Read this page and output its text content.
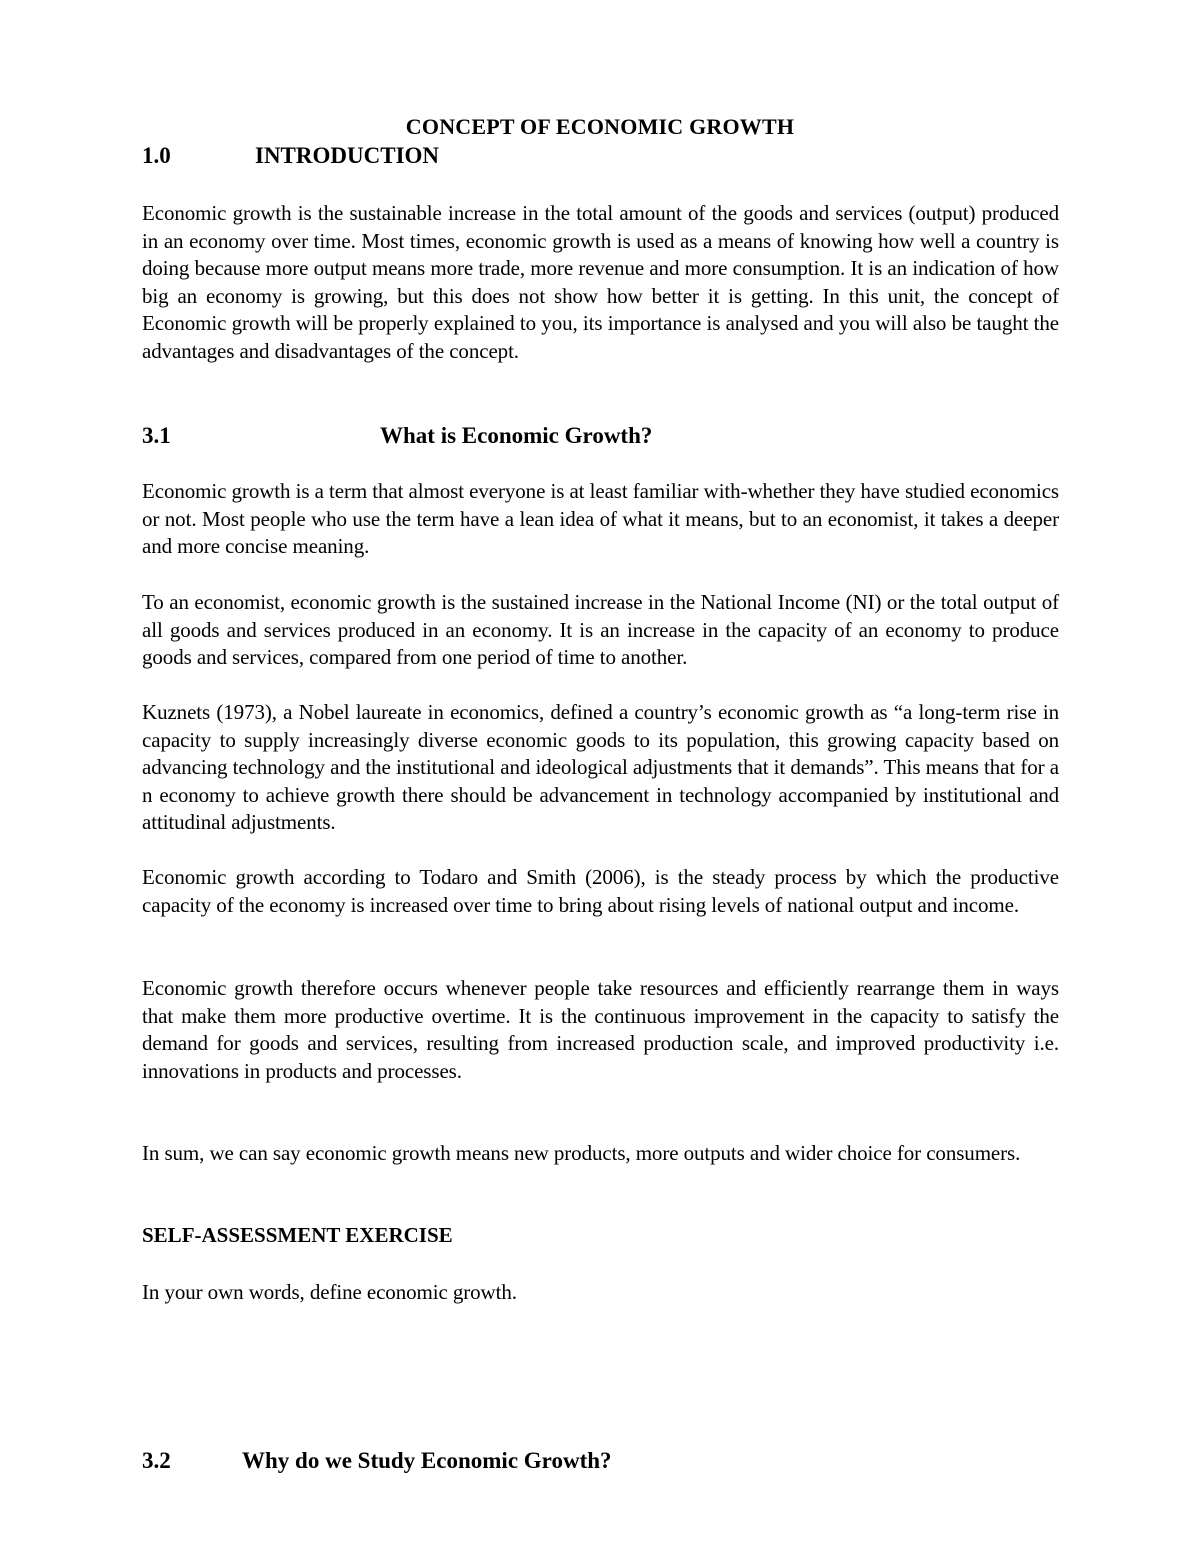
CONCEPT OF ECONOMIC GROWTH
1.0	INTRODUCTION
Economic growth is the sustainable increase in the total amount of the goods and services (output) produced in an economy over time. Most times, economic growth is used as a means of knowing how well a country is doing because more output means more trade, more revenue and more consumption. It is an indication of how big an economy is growing, but this does not show how better it is getting. In this unit, the concept of Economic growth will be properly explained to you, its importance is analysed and you will also be taught the advantages and disadvantages of the concept.
3.1	What is Economic Growth?
Economic growth is a term that almost everyone is at least familiar with-whether they have studied economics or not. Most people who use the term have a lean idea of what it means, but to an economist, it takes a deeper and more concise meaning.
To an economist, economic growth is the sustained increase in the National Income (NI) or the total output of all goods and services produced in an economy. It is an increase in the capacity of an economy to produce goods and services, compared from one period of time to another.
Kuznets (1973), a Nobel laureate in economics, defined a country’s economic growth as “a long-term rise in capacity to supply increasingly diverse economic goods to its population, this growing capacity based on advancing technology and the institutional and ideological adjustments that it demands”. This means that for a n economy to achieve growth there should be advancement in technology accompanied by institutional and attitudinal adjustments.
Economic growth according to Todaro and Smith (2006), is the steady process by which the productive capacity of the economy is increased over time to bring about rising levels of national output and income.
Economic growth therefore occurs whenever people take resources and efficiently rearrange them in ways that make them more productive overtime. It is the continuous improvement in the capacity to satisfy the demand for goods and services, resulting from increased production scale, and improved productivity i.e. innovations in products and processes.
In sum, we can say economic growth means new products, more outputs and wider choice for consumers.
SELF-ASSESSMENT EXERCISE
In your own words, define economic growth.
3.2	Why do we Study Economic Growth?
